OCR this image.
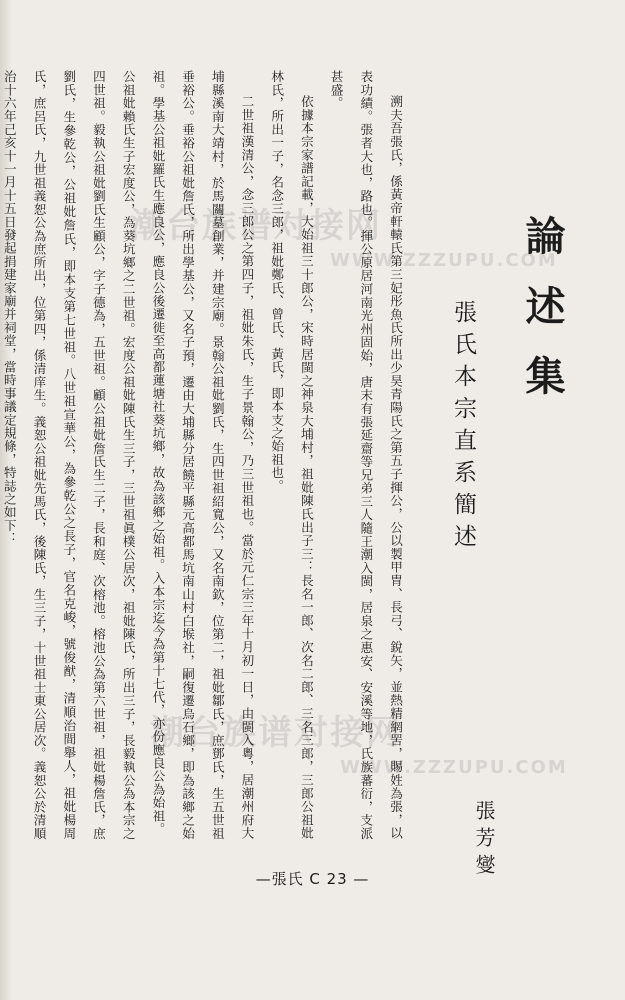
潮台族谱对接网
WWW.ZZZUPU.COM
潮台族谱对接网
WWW.ZZZUPU.COM
論述集
張氏本宗直系簡述
張芳燮

溯夫吾張氏，係黃帝軒轅氏第三妃彤魚氏所出少昊青陽氏之第五子揮公，公以製甲胄、長弓、銳矢，並熱精網罟，賜姓為張，以表功績。張者大也，路也。揮公原居河南光州固始，唐末有張延齋等兄弟三人隨王潮入閩，居泉之惠安、安溪等地，氏族蕃衍，支派甚盛。

依據本宗家譜記載，大始祖三十郎公，宋時居閩之神泉大埔村，祖妣陳氏出子三：長名一郎、次名二郎、三名三郎，三郎公祖妣林氏，所出一子，名念三郎，祖妣鄭氏、曾氏、黃氏，即本支之始祖也。

二世祖漢清公，念三郎公之第四子，祖妣朱氏，生子景翰公，乃三世祖也。當於元仁宗三年十月初一日，由閩入粵，居潮州府大埔縣溪南大靖村，於馬關墓創業，并建宗廟。景翰公祖妣劉氏，生四世祖紹寬公，又名南欽，位第二，祖妣鄒氏，庶鄧氏，生五世祖垂裕公。垂裕公祖妣詹氏，所出學基公，又名子預，遷由大埔縣分居饒平縣元高都馬坑南山村白堠社，嗣復遷烏石鄉，即為該鄉之始祖。學基公祖妣羅氏生應良公，應良公後遷徙至高都蓮塘社葵坑鄉，故為該鄉之始祖。入本宗迄今為第十七代，亦份應良公為始祖。

公祖妣賴氏生子宏度公，為葵坑鄉之二世祖。宏度公祖妣陳氏生三子，三世祖眞樸公居次，祖妣陳氏，所出三子，長毅執公為本宗之四世祖。毅執公祖妣劉氏生顧公，字子德為，五世祖。顧公祖妣詹氏生二子，長和庭、次榕池。榕池公為第六世祖，祖妣楊詹氏，庶劉氏，生參乾公，公祖妣詹氏，即本支第七世祖。八世祖宣華公，為參乾公之長子，官名克峻，號俊猷，清順治間舉人，祖妣楊周氏，庶呂氏，九世祖義恕公為庶所出，位第四，係清庠生。義恕公祖妣先馬氏，後陳氏，生三子，十世祖士東公居次。義恕公於清順治十六年己亥十一月十五日發起捐建家廟并祠堂，當時事議定規條，特誌之如下：

—張氏 C 23 —
